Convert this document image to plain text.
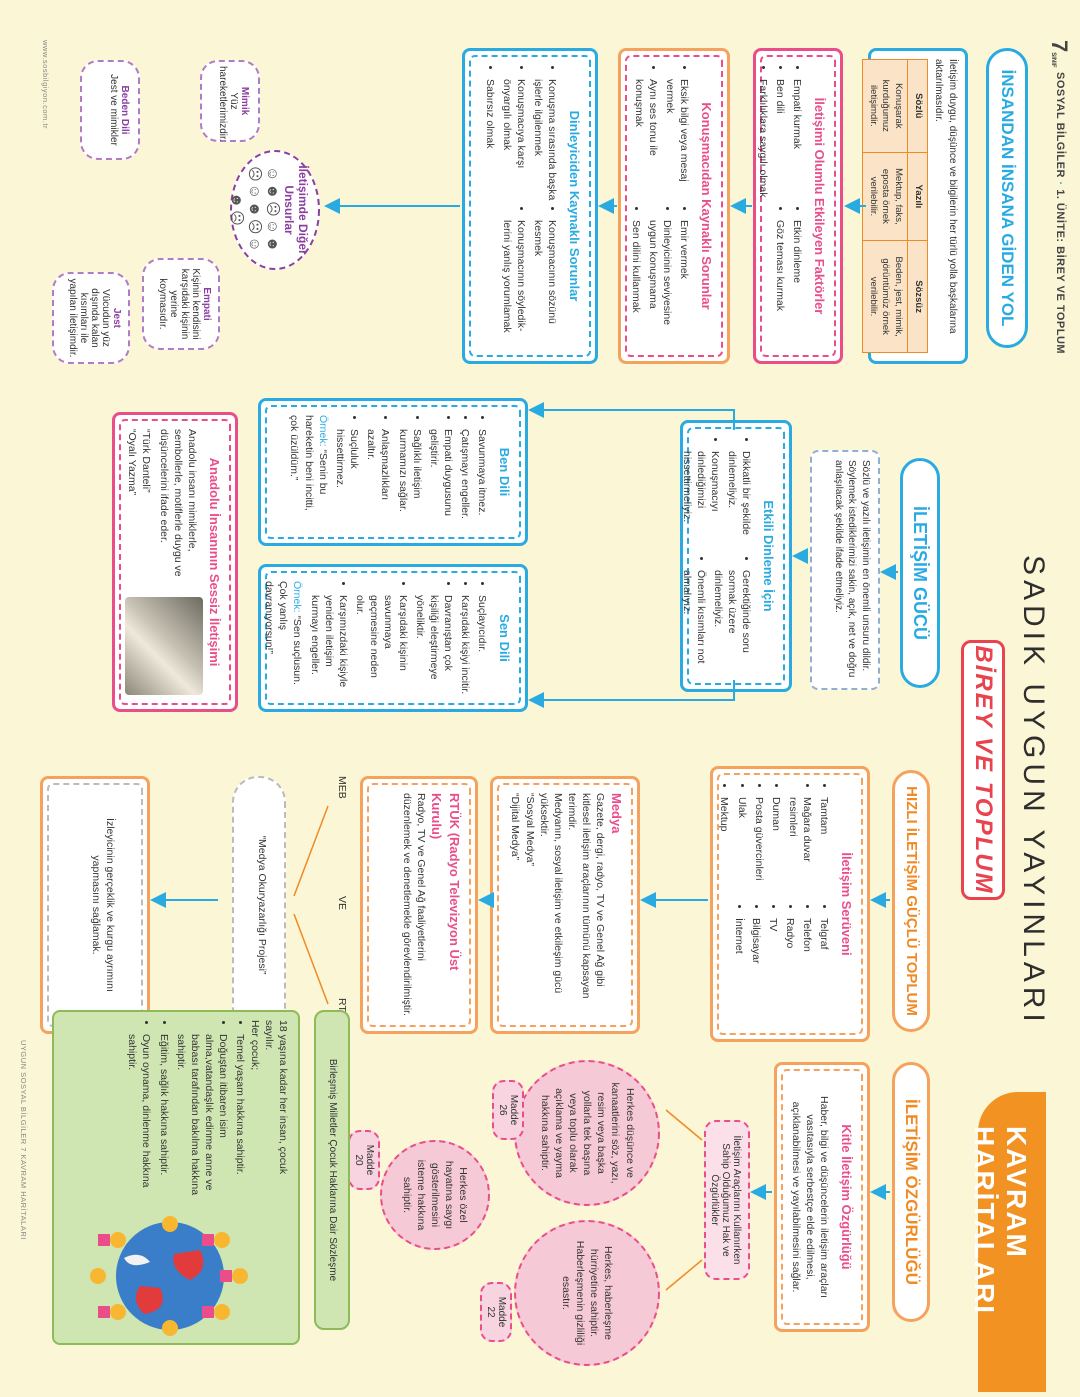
7SINIF
SOSYAL BİLGİLER · 1. ÜNİTE: BİREY VE TOPLUM
SADIK UYGUN YAYINLARI
KAVRAM HARİTALARI
BİREY VE TOPLUM
İNSANDAN İNSANA GİDEN YOL
İletişim duygu, düşünce ve bilgilerin her türlü yolla başkalarına aktarılmasıdır.
Sözlü	Yazılı	Sözsüz
Konuşarak kurduğumuz iletişimdir.	Mektup, faks, eposta örnek verilebilir.	Beden, jest, mimik, görüntümüz örnek verilebilir.
İletişimi Olumlu Etkileyen Faktörler
• Empati kurmak
• Ben dili
• Farklılıklara saygılı olmak
• Etkin dinleme
• Göz teması kurmak
Konuşmacıdan Kaynaklı Sorunlar
• Eksik bilgi veya mesaj vermek
• Aynı ses tonu ile konuşmak
• Emir vermek
• Dinleyicinin seviyesine uygun konuşmama
• Sen dilini kullanmak
Dinleyiciden Kaynaklı Sorunlar
• Konuşma sırasında başka işlerle ilgilenmek
• Konuşmacıya karşı önyargılı olmak
• Sabırsız olmak
• Konuşmacının sözünü kesmek
• Konuşmacının söyledik-lerini yanlış yorumlamak
Mimik
Yüz hareketlerimizdir.
İletişimde Diğer Unsurlar
☺☻☹☺☻☹☺☻☹☺☻☹
Empati
Kişinin kendisini karşıdaki kişinin yerine koymasıdır.
Beden Dili
Jest ve mimikler
Jest
Vücudun yüz dışında kalan kısımları ile yapılan iletişimdir.
www.sosbilgiyon.com.tr
İLETİŞİM GÜCÜ
Sözlü ve yazılı iletişimin en önemli unsuru dildir. Söylemek istediklerimizi sakin, açık, net ve doğru anlaşılacak şekilde ifade etmeliyiz.
Etkili Dinleme İçin
• Dikkatli bir şekilde dinlemeliyiz.
• Konuşmacıyı dinlediğimizi hissettirmeliyiz.
• Gerektiğinde soru sormak üzere dinlemeliyiz.
• Önemli kısımları not almalıyız.
Ben Dili
• Savunmaya itmez.
• Çatışmayı engeller.
• Empati duygusunu geliştirir.
• Sağlıklı iletişim kurmamızı sağlar.
• Anlaşmazlıkları azaltır.
• Suçluluk hissettirmez.
Örnek: “Senin bu hareketin beni incitti, çok üzüldüm.”
Sen Dili
• Suçlayıcıdır.
• Karşıdaki kişiyi incitir.
• Davranıştan çok kişiliği eleştirmeye yöneliktir.
• Karşıdaki kişinin savunmaya geçmesine neden olur.
• Karşımızdaki kişiyle yeniden iletişim kurmayı engeller.
Örnek: “Sen suçlusun. Çok yanlış davranıyorsun!”
Anadolu İnsanının Sessiz İletişimi
Anadolu insanı mimiklerle, sembollerle, motiflerle duygu ve düşüncelerini ifade eder.
“Türk Danteli”
“Oyalı Yazma”
HIZLI İLETİŞİM GÜÇLÜ TOPLUM
İletişim Serüveni
• Tamtam
• Mağara duvar resimleri
• Duman
• Posta güvercinleri
• Ulak
• Mektup
• Telgraf
• Telefon
• Radyo
• TV
• Bilgisayar
• İnternet
Medya
Gazete, dergi, radyo, TV ve Genel Ağ gibi kitlesel iletişim araçlarının tümünü kapsayan terimdir.
Medyanın, sosyal iletişim ve etkileşim gücü yüksektir.
“Sosyal Medya”
“Dijital Medya”
RTÜK (Radyo Televizyon Üst Kurulu)
Radyo, TV ve Genel Ağ faaliyetlerini düzenlemek ve denetlemekle görevlendirilmiştir.
MEB
VE
“Medya Okuryazarlığı Projesi”
İzleyicinin gerçeklik ve kurgu ayrımını yapmasını sağlamak.
İLETİŞİM ÖZGÜRLÜĞÜ
Kitle İletişim Özgürlüğü
Haber, bilgi ve düşüncelerin iletişim araçları vasıtasıyla serbestçe elde edilmesi, açıklanabilmesi ve yayılabilmesini sağlar.
İletişim Araçlarını Kullanırken Sahip Olduğumuz Hak ve Özgürlükler
Herkes düşünce ve kanaatlerini söz, yazı, resim veya başka yollarla tek başına veya toplu olarak açıklama ve yayma hakkına sahiptir.
Madde 26
Herkes, haberleşme hürriyetine sahiptir. Haberleşmenin gizliliği esastır.
Madde 22
Herkes özel hayatına saygı gösterilmesini isteme hakkına sahiptir.
Madde 20
Birleşmiş Milletler Çocuk Haklarına Dair Sözleşme
18 yaşına kadar her insan, çocuk sayılır.
Her çocuk;
• Temel yaşam hakkına sahiptir.
• Doğuştan itibaren isim alma,vatandaşlık edinme anne ve babası tarafından bakılma hakkına sahiptir.
• Eğitim, sağlık hakkına sahiptir.
• Oyun oynama, dinlenme hakkına sahiptir.
UYGUN SOSYAL BİLGİLER 7 KAVRAM HARİTALARI
